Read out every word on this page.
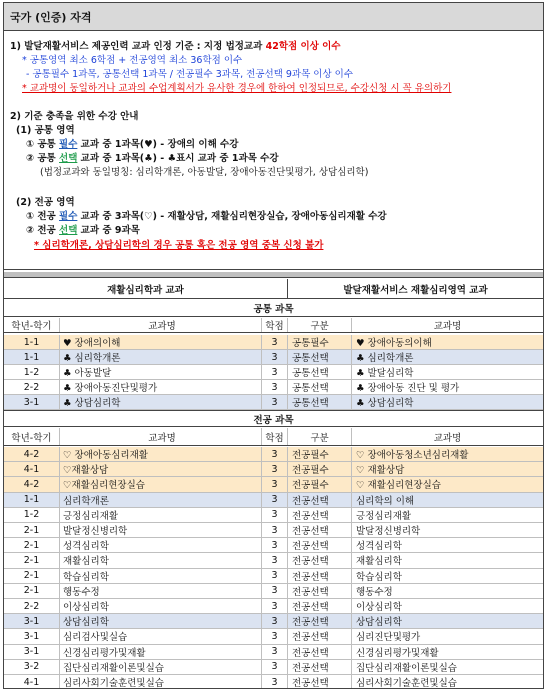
국가 (인증) 자격
1) 발달재활서비스 제공인력 교과 인정 기준 : 지정 법정교과 42학점 이상 이수
* 공통영역 최소 6학점 + 전공영역 최소 36학점 이수
- 공통필수 1과목, 공통선택 1과목 / 전공필수 3과목, 전공선택 9과목 이상 이수
* 교과명이 동일하거나 교과의 수업계획서가 유사한 경우에 한하여 인정되므로, 수강신청 시 꼭 유의하기
2) 기준 충족을 위한 수강 안내
(1) 공통 영역
① 공통 필수 교과 중 1과목(♥) - 장애의 이해 수강
② 공통 선택 교과 중 1과목(♣) - ♣표시 교과 중 1과목 수강
(법정교과와 동일명칭: 심리학개론, 아동발달, 장애아동진단및평가, 상담심리학)
(2) 전공 영역
① 전공 필수 교과 중 3과목(♡) - 재활상담, 재활심리현장실습, 장애아동심리재활 수강
② 전공 선택 교과 중 9과목
* 심리학개론, 상담심리학의 경우 공통 혹은 전공 영역 중복 신청 불가
재활심리학과 교과	발달재활서비스 재활심리영역 교과
공통 과목
학년-학기	교과명	학점	구분	교과명
1-1	♥ 장애의이해	3	공통필수	♥ 장애아동의이해
1-1	♣ 심리학개론	3	공통선택	♣ 심리학개론
1-2	♣ 아동발달	3	공통선택	♣ 발달심리학
2-2	♣ 장애아동진단및평가	3	공통선택	♣ 장애아동 진단 및 평가
3-1	♣ 상담심리학	3	공통선택	♣ 상담심리학
전공 과목
학년-학기	교과명	학점	구분	교과명
4-2	♡ 장애아동심리재활	3	전공필수	♡ 장애아동청소년심리재활
4-1	♡재활상담	3	전공필수	♡ 재활상담
4-2	♡재활심리현장실습	3	전공필수	♡ 재활심리현장실습
1-1	심리학개론	3	전공선택	심리학의 이해
1-2	긍정심리재활	3	전공선택	긍정심리재활
2-1	발달정신병리학	3	전공선택	발달정신병리학
2-1	성격심리학	3	전공선택	성격심리학
2-1	재활심리학	3	전공선택	재활심리학
2-1	학습심리학	3	전공선택	학습심리학
2-1	행동수정	3	전공선택	행동수정
2-2	이상심리학	3	전공선택	이상심리학
3-1	상담심리학	3	전공선택	상담심리학
3-1	심리검사및실습	3	전공선택	심리진단및평가
3-1	신경심리평가및재활	3	전공선택	신경심리평가및재활
3-2	집단심리재활이론및실습	3	전공선택	집단심리재활이론및실습
4-1	심리사회기술훈련및실습	3	전공선택	심리사회기술훈련및실습
